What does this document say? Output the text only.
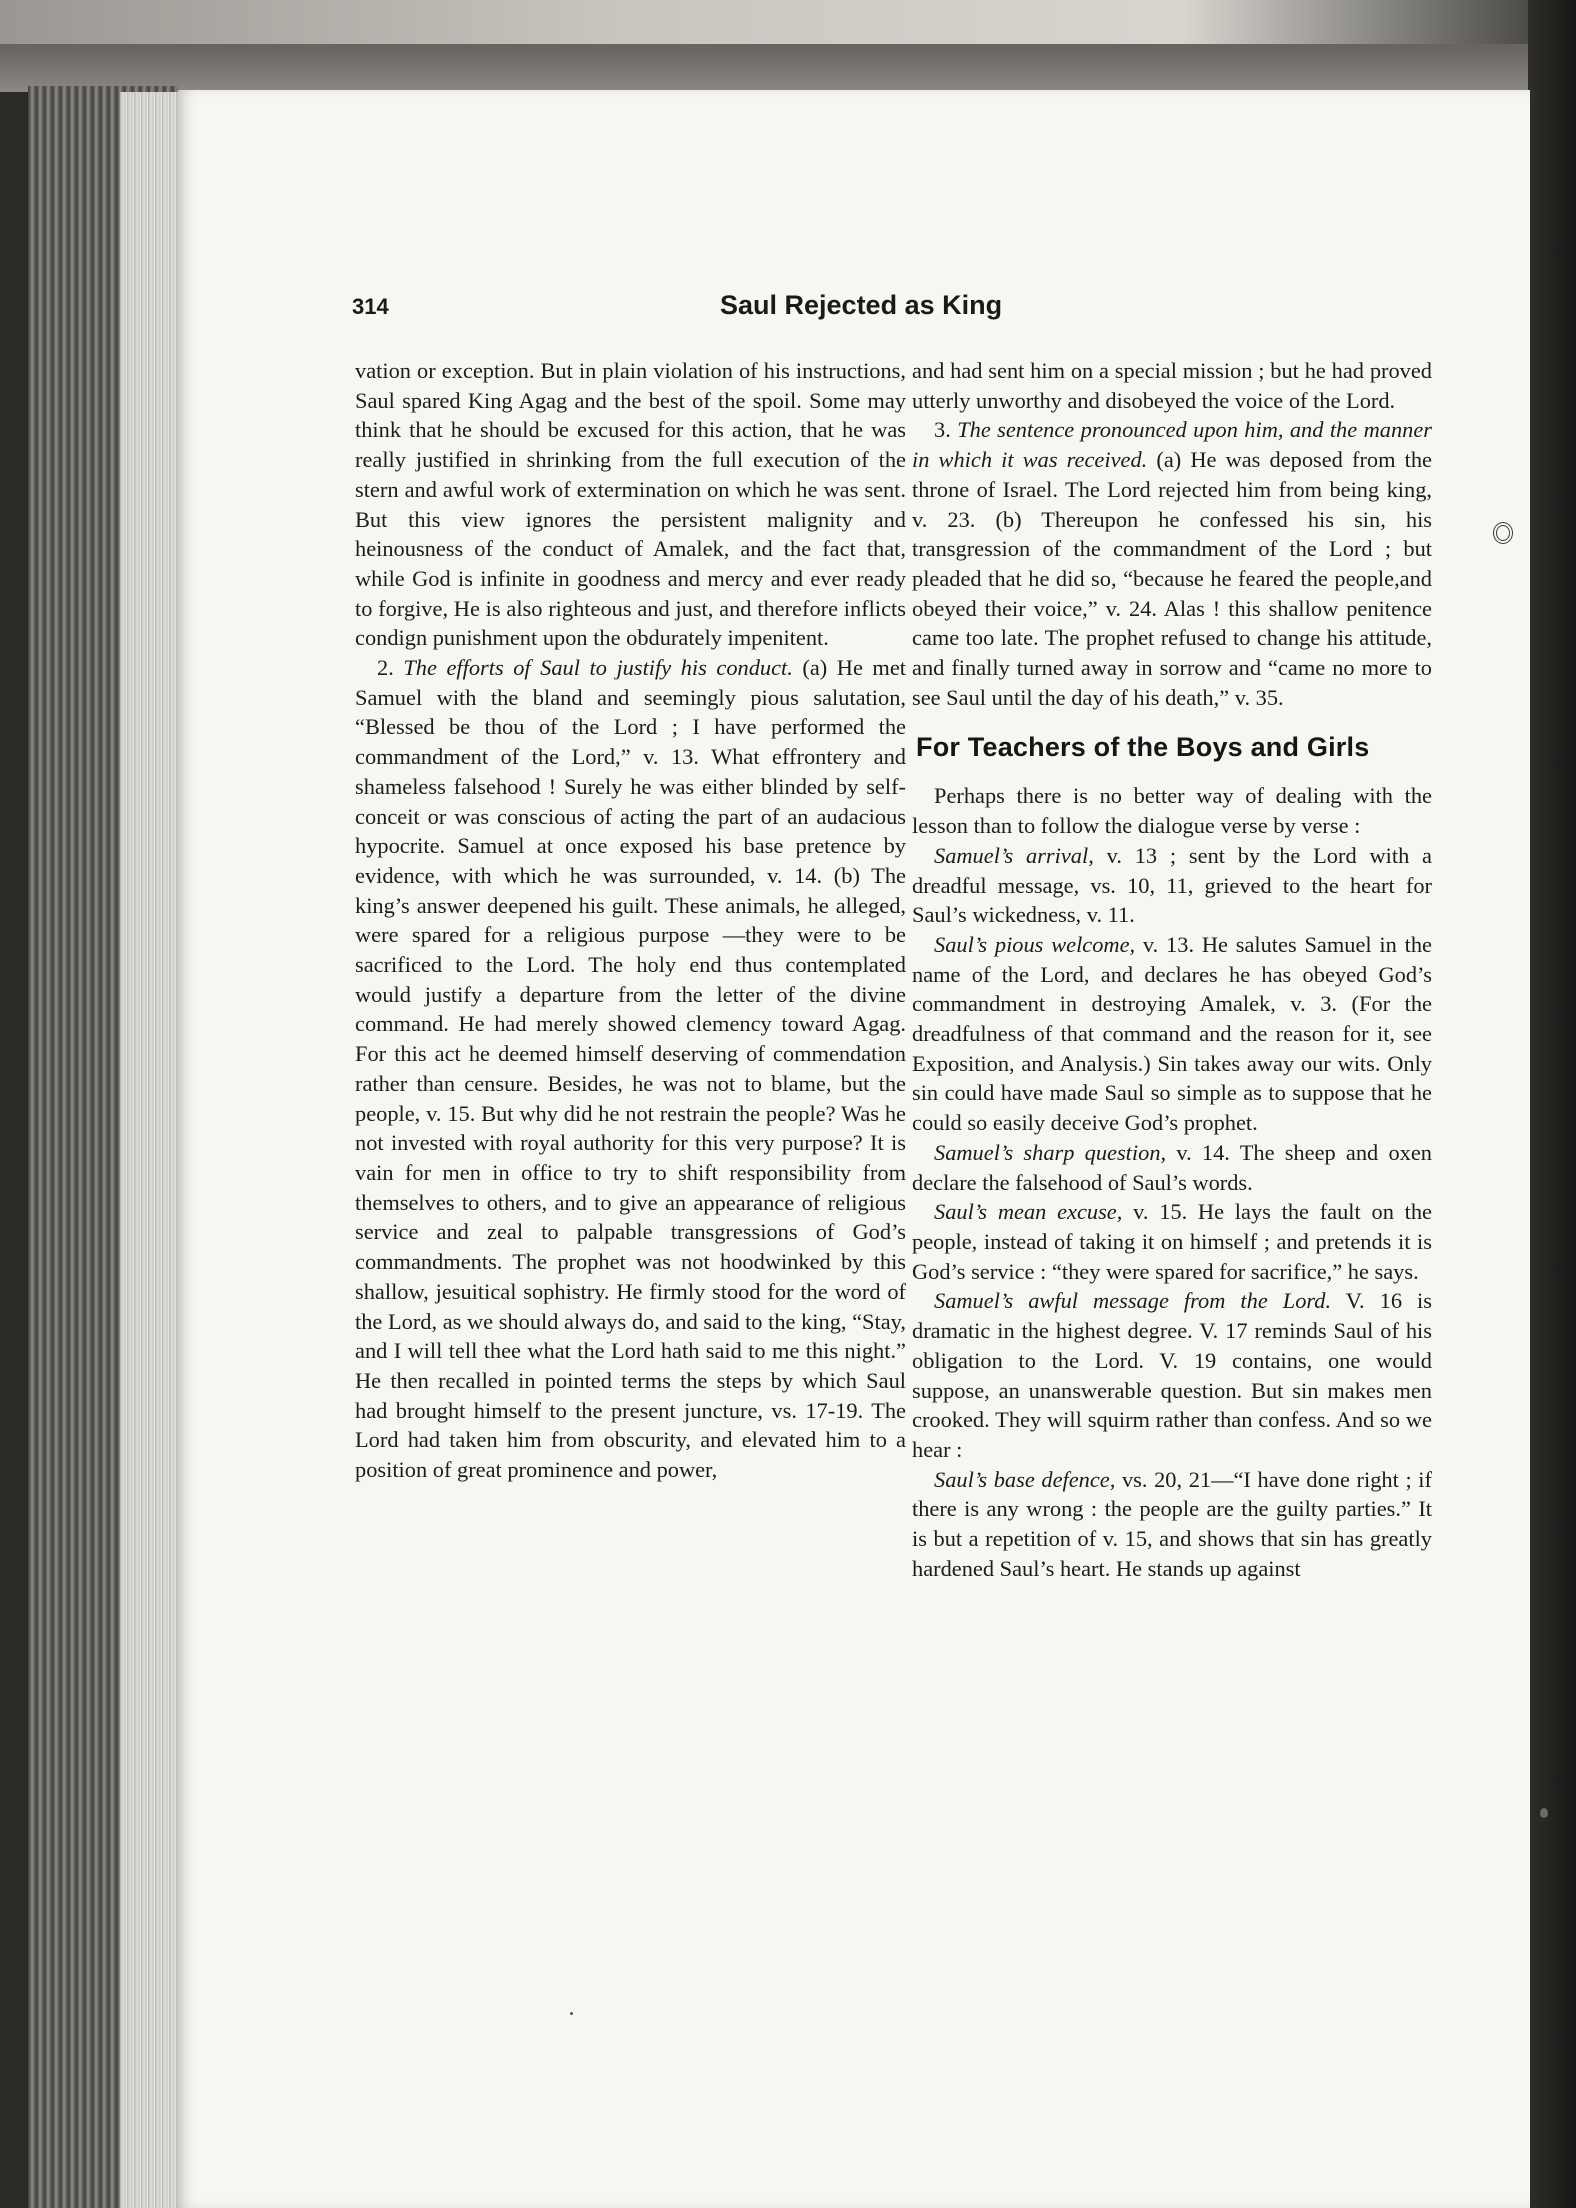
314	Saul Rejected as King

vation or exception. But in plain violation of his instructions, Saul spared King Agag and the best of the spoil. Some may think that he should be excused for this action, that he was really justified in shrinking from the full execution of the stern and awful work of extermination on which he was sent. But this view ignores the persistent malignity and heinousness of the conduct of Amalek, and the fact that, while God is infinite in goodness and mercy and ever ready to forgive, He is also righteous and just, and therefore inflicts condign punishment upon the obdurately impenitent.

2. The efforts of Saul to justify his conduct. (a) He met Samuel with the bland and seemingly pious salutation, “Blessed be thou of the Lord ; I have performed the commandment of the Lord,” v. 13. What effrontery and shameless falsehood ! Surely he was either blinded by self-conceit or was conscious of acting the part of an audacious hypocrite. Samuel at once exposed his base pretence by evidence, with which he was surrounded, v. 14. (b) The king’s answer deepened his guilt. These animals, he alleged, were spared for a religious purpose —they were to be sacrificed to the Lord. The holy end thus contemplated would justify a departure from the letter of the divine command. He had merely showed clemency toward Agag. For this act he deemed himself deserving of commendation rather than censure. Besides, he was not to blame, but the people, v. 15. But why did he not restrain the people? Was he not invested with royal authority for this very purpose? It is vain for men in office to try to shift responsibility from themselves to others, and to give an appearance of religious service and zeal to palpable transgressions of God’s commandments. The prophet was not hoodwinked by this shallow, jesuitical sophistry. He firmly stood for the word of the Lord, as we should always do, and said to the king, “Stay, and I will tell thee what the Lord hath said to me this night.” He then recalled in pointed terms the steps by which Saul had brought himself to the present juncture, vs. 17-19. The Lord had taken him from obscurity, and elevated him to a position of great prominence and power,

and had sent him on a special mission ; but he had proved utterly unworthy and disobeyed the voice of the Lord.

3. The sentence pronounced upon him, and the manner in which it was received. (a) He was deposed from the throne of Israel. The Lord rejected him from being king, v. 23. (b) Thereupon he confessed his sin, his transgression of the commandment of the Lord ; but pleaded that he did so, “because he feared the people,and obeyed their voice,” v. 24. Alas ! this shallow penitence came too late. The prophet refused to change his attitude, and finally turned away in sorrow and “came no more to see Saul until the day of his death,” v. 35.

For Teachers of the Boys and Girls

Perhaps there is no better way of dealing with the lesson than to follow the dialogue verse by verse :

Samuel’s arrival, v. 13 ; sent by the Lord with a dreadful message, vs. 10, 11, grieved to the heart for Saul’s wickedness, v. 11.

Saul’s pious welcome, v. 13. He salutes Samuel in the name of the Lord, and declares he has obeyed God’s commandment in destroying Amalek, v. 3. (For the dreadfulness of that command and the reason for it, see Exposition, and Analysis.) Sin takes away our wits. Only sin could have made Saul so simple as to suppose that he could so easily deceive God’s prophet.

Samuel’s sharp question, v. 14. The sheep and oxen declare the falsehood of Saul’s words.

Saul’s mean excuse, v. 15. He lays the fault on the people, instead of taking it on himself ; and pretends it is God’s service : “they were spared for sacrifice,” he says.

Samuel’s awful message from the Lord. V. 16 is dramatic in the highest degree. V. 17 reminds Saul of his obligation to the Lord. V. 19 contains, one would suppose, an unanswerable question. But sin makes men crooked. They will squirm rather than confess. And so we hear :

Saul’s base defence, vs. 20, 21—“I have done right ; if there is any wrong : the people are the guilty parties.” It is but a repetition of v. 15, and shows that sin has greatly hardened Saul’s heart. He stands up against
